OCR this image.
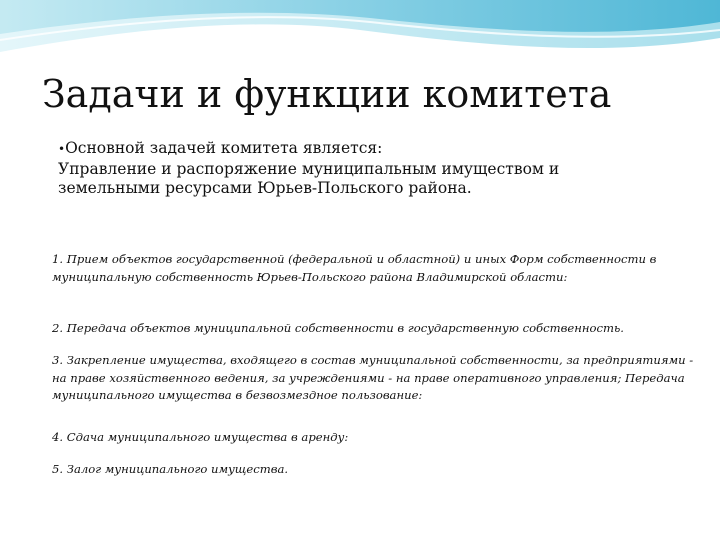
Задачи и функции комитета
•Основной задачей комитета является:
Управление и распоряжение муниципальным имуществом и земельными ресурсами Юрьев-Польского района.
1. Прием объектов государственной (федеральной и областной) и иных Форм собственности в муниципальную собственность Юрьев-Польского района Владимирской области:
2. Передача объектов муниципальной собственности в государственную собственность.
3. Закрепление имущества, входящего в состав муниципальной собственности, за предприятиями - на праве хозяйственного ведения, за учреждениями - на праве оперативного управления; Передача муниципального имущества в безвозмездное пользование:
4. Сдача муниципального имущества в аренду:
5. Залог муниципального имущества.
